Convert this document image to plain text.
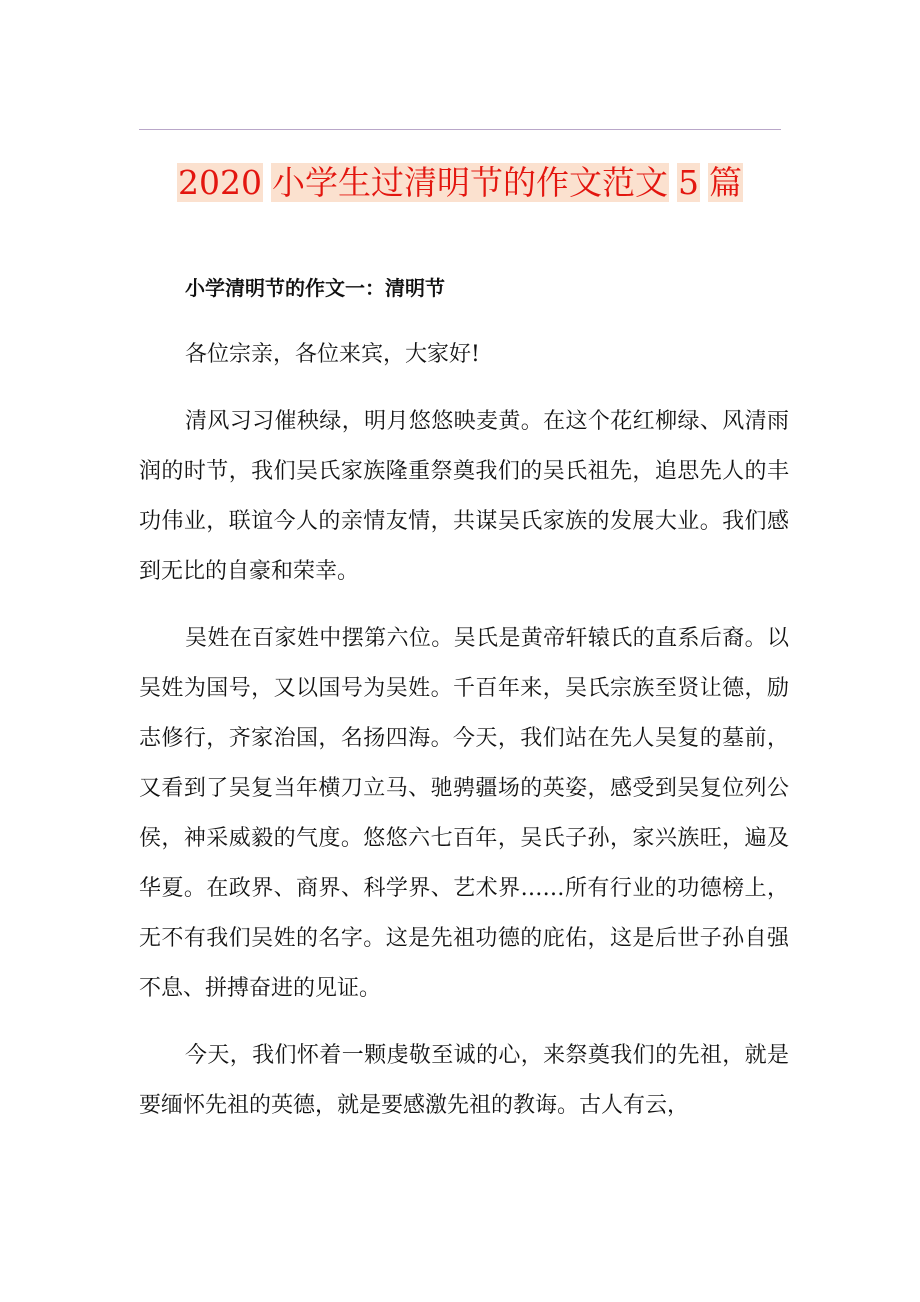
2020 小学生过清明节的作文范文 5 篇

小学清明节的作文一：清明节

各位宗亲，各位来宾，大家好!

清风习习催秧绿，明月悠悠映麦黄。在这个花红柳绿、风清雨润的时节，我们吴氏家族隆重祭奠我们的吴氏祖先，追思先人的丰功伟业，联谊今人的亲情友情，共谋吴氏家族的发展大业。我们感到无比的自豪和荣幸。

吴姓在百家姓中摆第六位。吴氏是黄帝轩辕氏的直系后裔。以吴姓为国号，又以国号为吴姓。千百年来，吴氏宗族至贤让德，励志修行，齐家治国，名扬四海。今天，我们站在先人吴复的墓前，又看到了吴复当年横刀立马、驰骋疆场的英姿，感受到吴复位列公侯，神采威毅的气度。悠悠六七百年，吴氏子孙，家兴族旺，遍及华夏。在政界、商界、科学界、艺术界……所有行业的功德榜上，无不有我们吴姓的名字。这是先祖功德的庇佑，这是后世子孙自强不息、拼搏奋进的见证。

今天，我们怀着一颗虔敬至诚的心，来祭奠我们的先祖，就是要缅怀先祖的英德，就是要感激先祖的教诲。古人有云，
